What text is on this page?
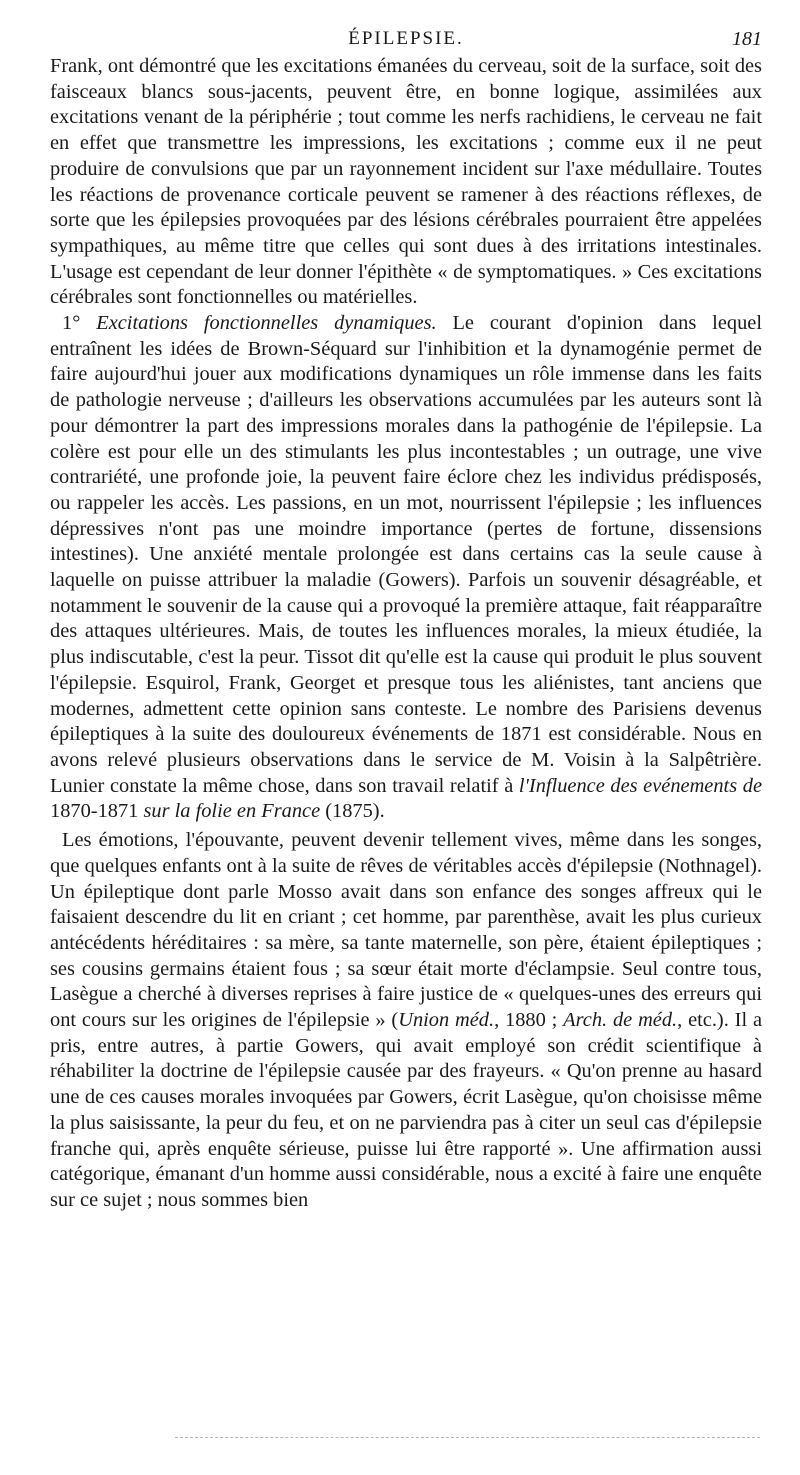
ÉPILEPSIE.	181

Frank, ont démontré que les excitations émanées du cerveau, soit de la surface, soit des faisceaux blancs sous-jacents, peuvent être, en bonne logique, assimilées aux excitations venant de la périphérie ; tout comme les nerfs rachidiens, le cerveau ne fait en effet que transmettre les impressions, les excitations ; comme eux il ne peut produire de convulsions que par un rayonnement incident sur l'axe médullaire. Toutes les réactions de provenance corticale peuvent se ramener à des réactions réflexes, de sorte que les épilepsies provoquées par des lésions cérébrales pourraient être appelées sympathiques, au même titre que celles qui sont dues à des irritations intestinales. L'usage est cependant de leur donner l'épithète « de symptomatiques. » Ces excitations cérébrales sont fonctionnelles ou matérielles.

1° Excitations fonctionnelles dynamiques. Le courant d'opinion dans lequel entraînent les idées de Brown-Séquard sur l'inhibition et la dynamogénie permet de faire aujourd'hui jouer aux modifications dynamiques un rôle immense dans les faits de pathologie nerveuse ; d'ailleurs les observations accumulées par les auteurs sont là pour démontrer la part des impressions morales dans la pathogénie de l'épilepsie. La colère est pour elle un des stimulants les plus incontestables ; un outrage, une vive contrariété, une profonde joie, la peuvent faire éclore chez les individus prédisposés, ou rappeler les accès. Les passions, en un mot, nourrissent l'épilepsie ; les influences dépressives n'ont pas une moindre importance (pertes de fortune, dissensions intestines). Une anxiété mentale prolongée est dans certains cas la seule cause à laquelle on puisse attribuer la maladie (Gowers). Parfois un souvenir désagréable, et notamment le souvenir de la cause qui a provoqué la première attaque, fait réapparaître des attaques ultérieures. Mais, de toutes les influences morales, la mieux étudiée, la plus indiscutable, c'est la peur. Tissot dit qu'elle est la cause qui produit le plus souvent l'épilepsie. Esquirol, Frank, Georget et presque tous les aliénistes, tant anciens que modernes, admettent cette opinion sans conteste. Le nombre des Parisiens devenus épileptiques à la suite des douloureux événements de 1871 est considérable. Nous en avons relevé plusieurs observations dans le service de M. Voisin à la Salpêtrière. Lunier constate la même chose, dans son travail relatif à l'Influence des evénements de 1870-1871 sur la folie en France (1875).

Les émotions, l'épouvante, peuvent devenir tellement vives, même dans les songes, que quelques enfants ont à la suite de rêves de véritables accès d'épilepsie (Nothnagel). Un épileptique dont parle Mosso avait dans son enfance des songes affreux qui le faisaient descendre du lit en criant ; cet homme, par parenthèse, avait les plus curieux antécédents héréditaires : sa mère, sa tante maternelle, son père, étaient épileptiques ; ses cousins germains étaient fous ; sa sœur était morte d'éclampsie. Seul contre tous, Lasègue a cherché à diverses reprises à faire justice de « quelques-unes des erreurs qui ont cours sur les origines de l'épilepsie » (Union méd., 1880 ; Arch. de méd., etc.). Il a pris, entre autres, à partie Gowers, qui avait employé son crédit scientifique à réhabiliter la doctrine de l'épilepsie causée par des frayeurs. « Qu'on prenne au hasard une de ces causes morales invoquées par Gowers, écrit Lasègue, qu'on choisisse même la plus saisissante, la peur du feu, et on ne parviendra pas à citer un seul cas d'épilepsie franche qui, après enquête sérieuse, puisse lui être rapporté ». Une affirmation aussi catégorique, émanant d'un homme aussi considérable, nous a excité à faire une enquête sur ce sujet ; nous sommes bien
